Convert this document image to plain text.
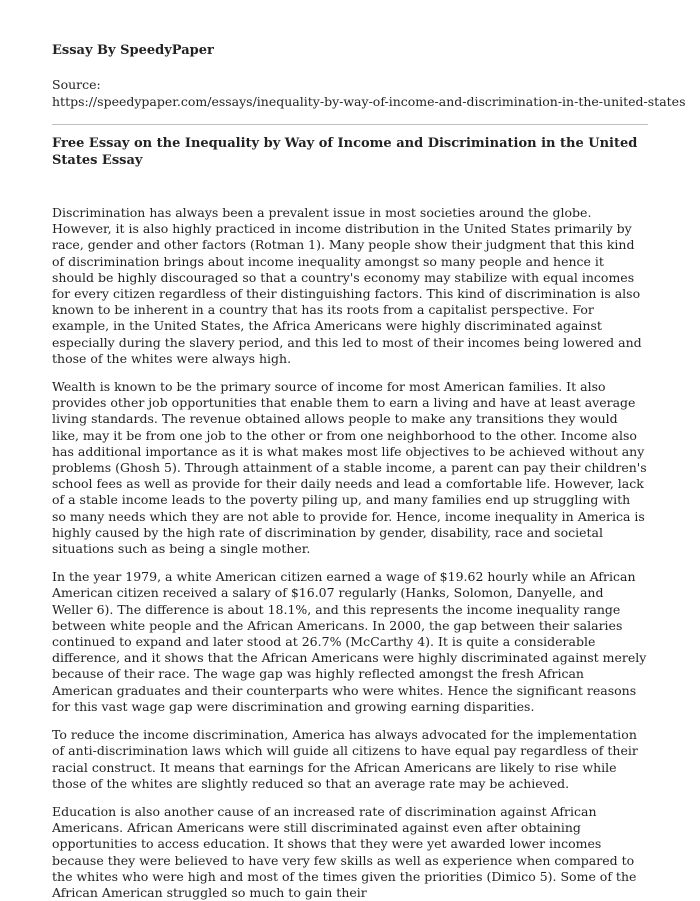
Essay By SpeedyPaper

Source:

https://speedypaper.com/essays/inequality-by-way-of-income-and-discrimination-in-the-united-states

Free Essay on the Inequality by Way of Income and Discrimination in the United States Essay

Discrimination has always been a prevalent issue in most societies around the globe. However, it is also highly practiced in income distribution in the United States primarily by race, gender and other factors (Rotman 1). Many people show their judgment that this kind of discrimination brings about income inequality amongst so many people and hence it should be highly discouraged so that a country's economy may stabilize with equal incomes for every citizen regardless of their distinguishing factors. This kind of discrimination is also known to be inherent in a country that has its roots from a capitalist perspective. For example, in the United States, the Africa Americans were highly discriminated against especially during the slavery period, and this led to most of their incomes being lowered and those of the whites were always high.

Wealth is known to be the primary source of income for most American families. It also provides other job opportunities that enable them to earn a living and have at least average living standards. The revenue obtained allows people to make any transitions they would like, may it be from one job to the other or from one neighborhood to the other. Income also has additional importance as it is what makes most life objectives to be achieved without any problems (Ghosh 5). Through attainment of a stable income, a parent can pay their children's school fees as well as provide for their daily needs and lead a comfortable life. However, lack of a stable income leads to the poverty piling up, and many families end up struggling with so many needs which they are not able to provide for. Hence, income inequality in America is highly caused by the high rate of discrimination by gender, disability, race and societal situations such as being a single mother.

In the year 1979, a white American citizen earned a wage of $19.62 hourly while an African American citizen received a salary of $16.07 regularly (Hanks, Solomon, Danyelle, and Weller 6). The difference is about 18.1%, and this represents the income inequality range between white people and the African Americans. In 2000, the gap between their salaries continued to expand and later stood at 26.7% (McCarthy 4). It is quite a considerable difference, and it shows that the African Americans were highly discriminated against merely because of their race. The wage gap was highly reflected amongst the fresh African American graduates and their counterparts who were whites. Hence the significant reasons for this vast wage gap were discrimination and growing earning disparities.

To reduce the income discrimination, America has always advocated for the implementation of anti-discrimination laws which will guide all citizens to have equal pay regardless of their racial construct. It means that earnings for the African Americans are likely to rise while those of the whites are slightly reduced so that an average rate may be achieved.

Education is also another cause of an increased rate of discrimination against African Americans. African Americans were still discriminated against even after obtaining opportunities to access education. It shows that they were yet awarded lower incomes because they were believed to have very few skills as well as experience when compared to the whites who were high and most of the times given the priorities (Dimico 5). Some of the African American struggled so much to gain their
